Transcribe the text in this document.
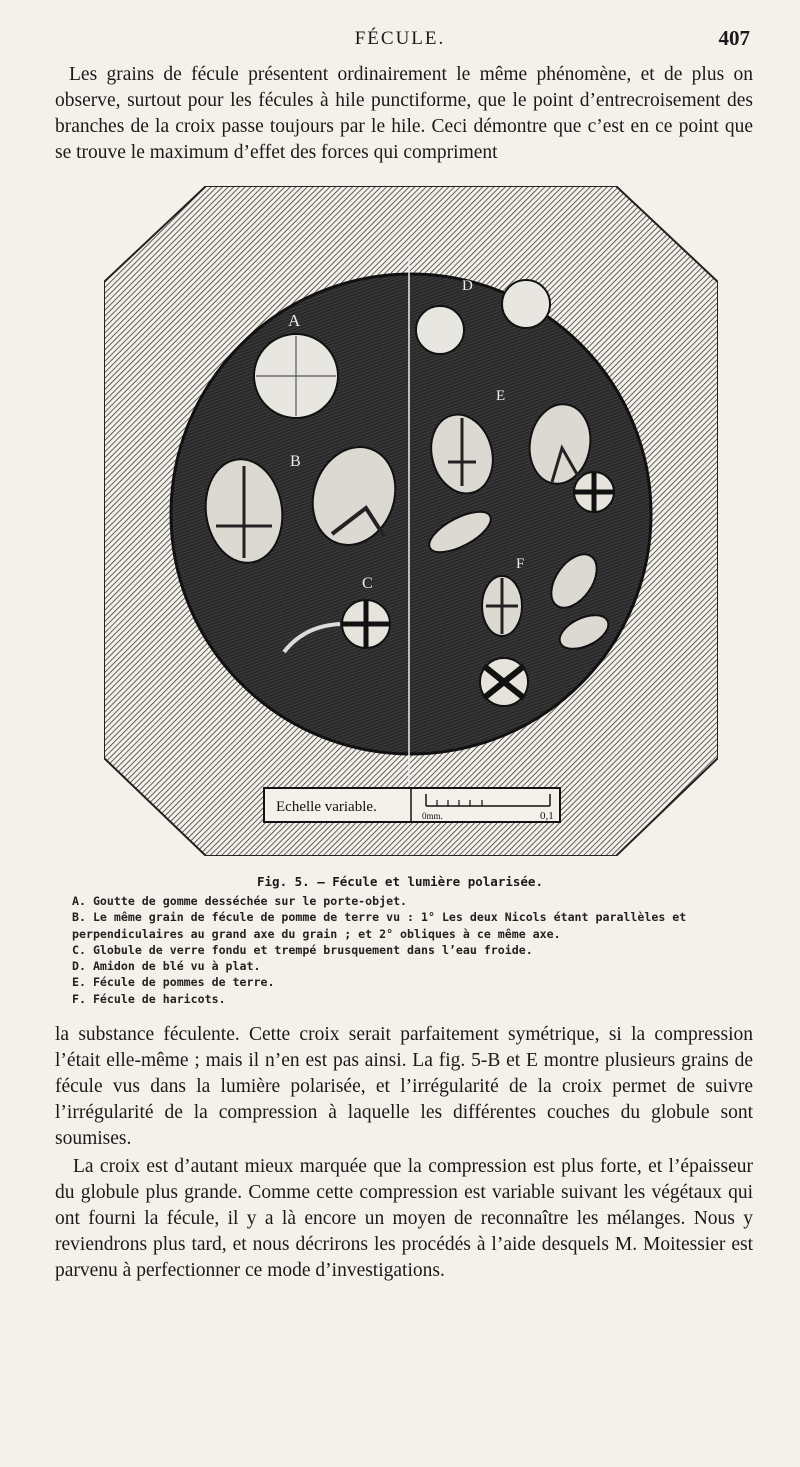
FÉCULE.	407

Les grains de fécule présentent ordinairement le même phénomène, et de plus on observe, surtout pour les fécules à hile punctiforme, que le point d’entrecroisement des branches de la croix passe toujours par le hile. Ceci démontre que c’est en ce point que se trouve le maximum d’effet des forces qui compriment

A
B
C
D
E
F
Echelle variable.
0mm.	0,1
Fig. 5. — Fécule et lumière polarisée.
A. Goutte de gomme desséchée sur le porte-objet.
B. Le même grain de fécule de pomme de terre vu : 1° Les deux Nicols étant parallèles et perpendiculaires au grand axe du grain ; et 2° obliques à ce même axe.
C. Globule de verre fondu et trempé brusquement dans l’eau froide.
D. Amidon de blé vu à plat.
E. Fécule de pommes de terre.
F. Fécule de haricots.

la substance féculente. Cette croix serait parfaitement symétrique, si la compression l’était elle-même ; mais il n’en est pas ainsi. La fig. 5-B et E montre plusieurs grains de fécule vus dans la lumière polarisée, et l’irrégularité de la croix permet de suivre l’irrégularité de la compression à laquelle les différentes couches du globule sont soumises.

La croix est d’autant mieux marquée que la compression est plus forte, et l’épaisseur du globule plus grande. Comme cette compression est variable suivant les végétaux qui ont fourni la fécule, il y a là encore un moyen de reconnaître les mélanges. Nous y reviendrons plus tard, et nous décrirons les procédés à l’aide desquels M. Moitessier est parvenu à perfectionner ce mode d’investigations.
